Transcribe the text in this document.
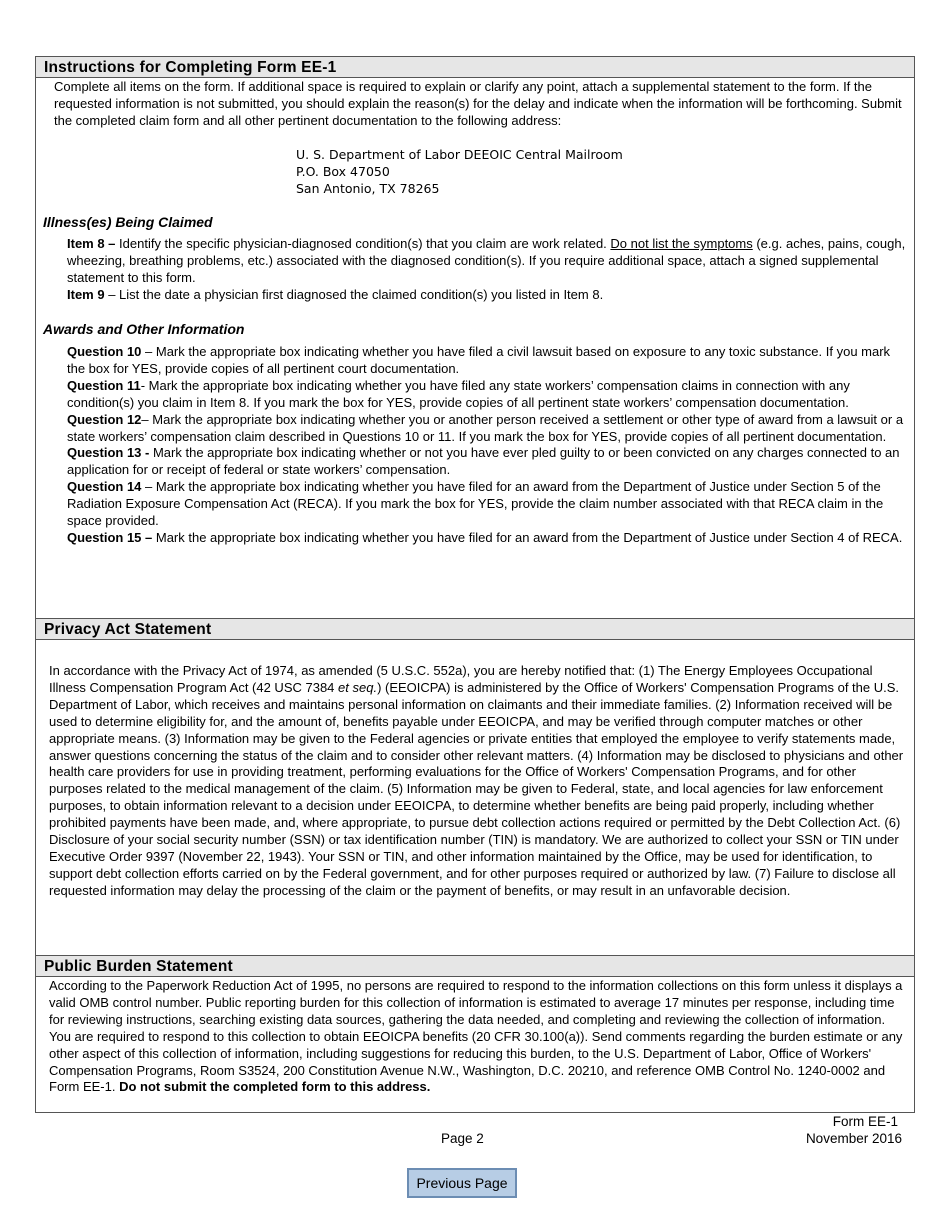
Instructions for Completing Form EE-1

Complete all items on the form. If additional space is required to explain or clarify any point, attach a supplemental statement to the form. If the requested information is not submitted, you should explain the reason(s) for the delay and indicate when the information will be forthcoming. Submit the completed claim form and all other pertinent documentation to the following address:

U. S. Department of Labor DEEOIC Central Mailroom
P.O. Box 47050
San Antonio, TX 78265
Illness(es) Being Claimed

Item 8 – Identify the specific physician-diagnosed condition(s) that you claim are work related. Do not list the symptoms (e.g. aches, pains, cough, wheezing, breathing problems, etc.) associated with the diagnosed condition(s). If you require additional space, attach a signed supplemental statement to this form.

Item 9 – List the date a physician first diagnosed the claimed condition(s) you listed in Item 8.

Awards and Other Information

Question 10 – Mark the appropriate box indicating whether you have filed a civil lawsuit based on exposure to any toxic substance. If you mark the box for YES, provide copies of all pertinent court documentation.

Question 11- Mark the appropriate box indicating whether you have filed any state workers’ compensation claims in connection with any condition(s) you claim in Item 8. If you mark the box for YES, provide copies of all pertinent state workers’ compensation documentation.

Question 12– Mark the appropriate box indicating whether you or another person received a settlement or other type of award from a lawsuit or a state workers’ compensation claim described in Questions 10 or 11. If you mark the box for YES, provide copies of all pertinent documentation.

Question 13 - Mark the appropriate box indicating whether or not you have ever pled guilty to or been convicted on any charges connected to an application for or receipt of federal or state workers’ compensation.

Question 14 – Mark the appropriate box indicating whether you have filed for an award from the Department of Justice under Section 5 of the Radiation Exposure Compensation Act (RECA). If you mark the box for YES, provide the claim number associated with that RECA claim in the space provided.

Question 15 – Mark the appropriate box indicating whether you have filed for an award from the Department of Justice under Section 4 of RECA.

Privacy Act Statement

In accordance with the Privacy Act of 1974, as amended (5 U.S.C. 552a), you are hereby notified that: (1) The Energy Employees Occupational Illness Compensation Program Act (42 USC 7384 et seq.) (EEOICPA) is administered by the Office of Workers' Compensation Programs of the U.S. Department of Labor, which receives and maintains personal information on claimants and their immediate families. (2) Information received will be used to determine eligibility for, and the amount of, benefits payable under EEOICPA, and may be verified through computer matches or other appropriate means. (3) Information may be given to the Federal agencies or private entities that employed the employee to verify statements made, answer questions concerning the status of the claim and to consider other relevant matters. (4) Information may be disclosed to physicians and other health care providers for use in providing treatment, performing evaluations for the Office of Workers' Compensation Programs, and for other purposes related to the medical management of the claim. (5) Information may be given to Federal, state, and local agencies for law enforcement purposes, to obtain information relevant to a decision under EEOICPA, to determine whether benefits are being paid properly, including whether prohibited payments have been made, and, where appropriate, to pursue debt collection actions required or permitted by the Debt Collection Act. (6) Disclosure of your social security number (SSN) or tax identification number (TIN) is mandatory. We are authorized to collect your SSN or TIN under Executive Order 9397 (November 22, 1943). Your SSN or TIN, and other information maintained by the Office, may be used for identification, to support debt collection efforts carried on by the Federal government, and for other purposes required or authorized by law. (7) Failure to disclose all requested information may delay the processing of the claim or the payment of benefits, or may result in an unfavorable decision.

Public Burden Statement

According to the Paperwork Reduction Act of 1995, no persons are required to respond to the information collections on this form unless it displays a valid OMB control number. Public reporting burden for this collection of information is estimated to average 17 minutes per response, including time for reviewing instructions, searching existing data sources, gathering the data needed, and completing and reviewing the collection of information. You are required to respond to this collection to obtain EEOICPA benefits (20 CFR 30.100(a)). Send comments regarding the burden estimate or any other aspect of this collection of information, including suggestions for reducing this burden, to the U.S. Department of Labor, Office of Workers' Compensation Programs, Room S3524, 200 Constitution Avenue N.W., Washington, D.C. 20210, and reference OMB Control No. 1240-0002 and Form EE-1. Do not submit the completed form to this address.

Form EE-1
Page 2	November 2016
Previous Page
